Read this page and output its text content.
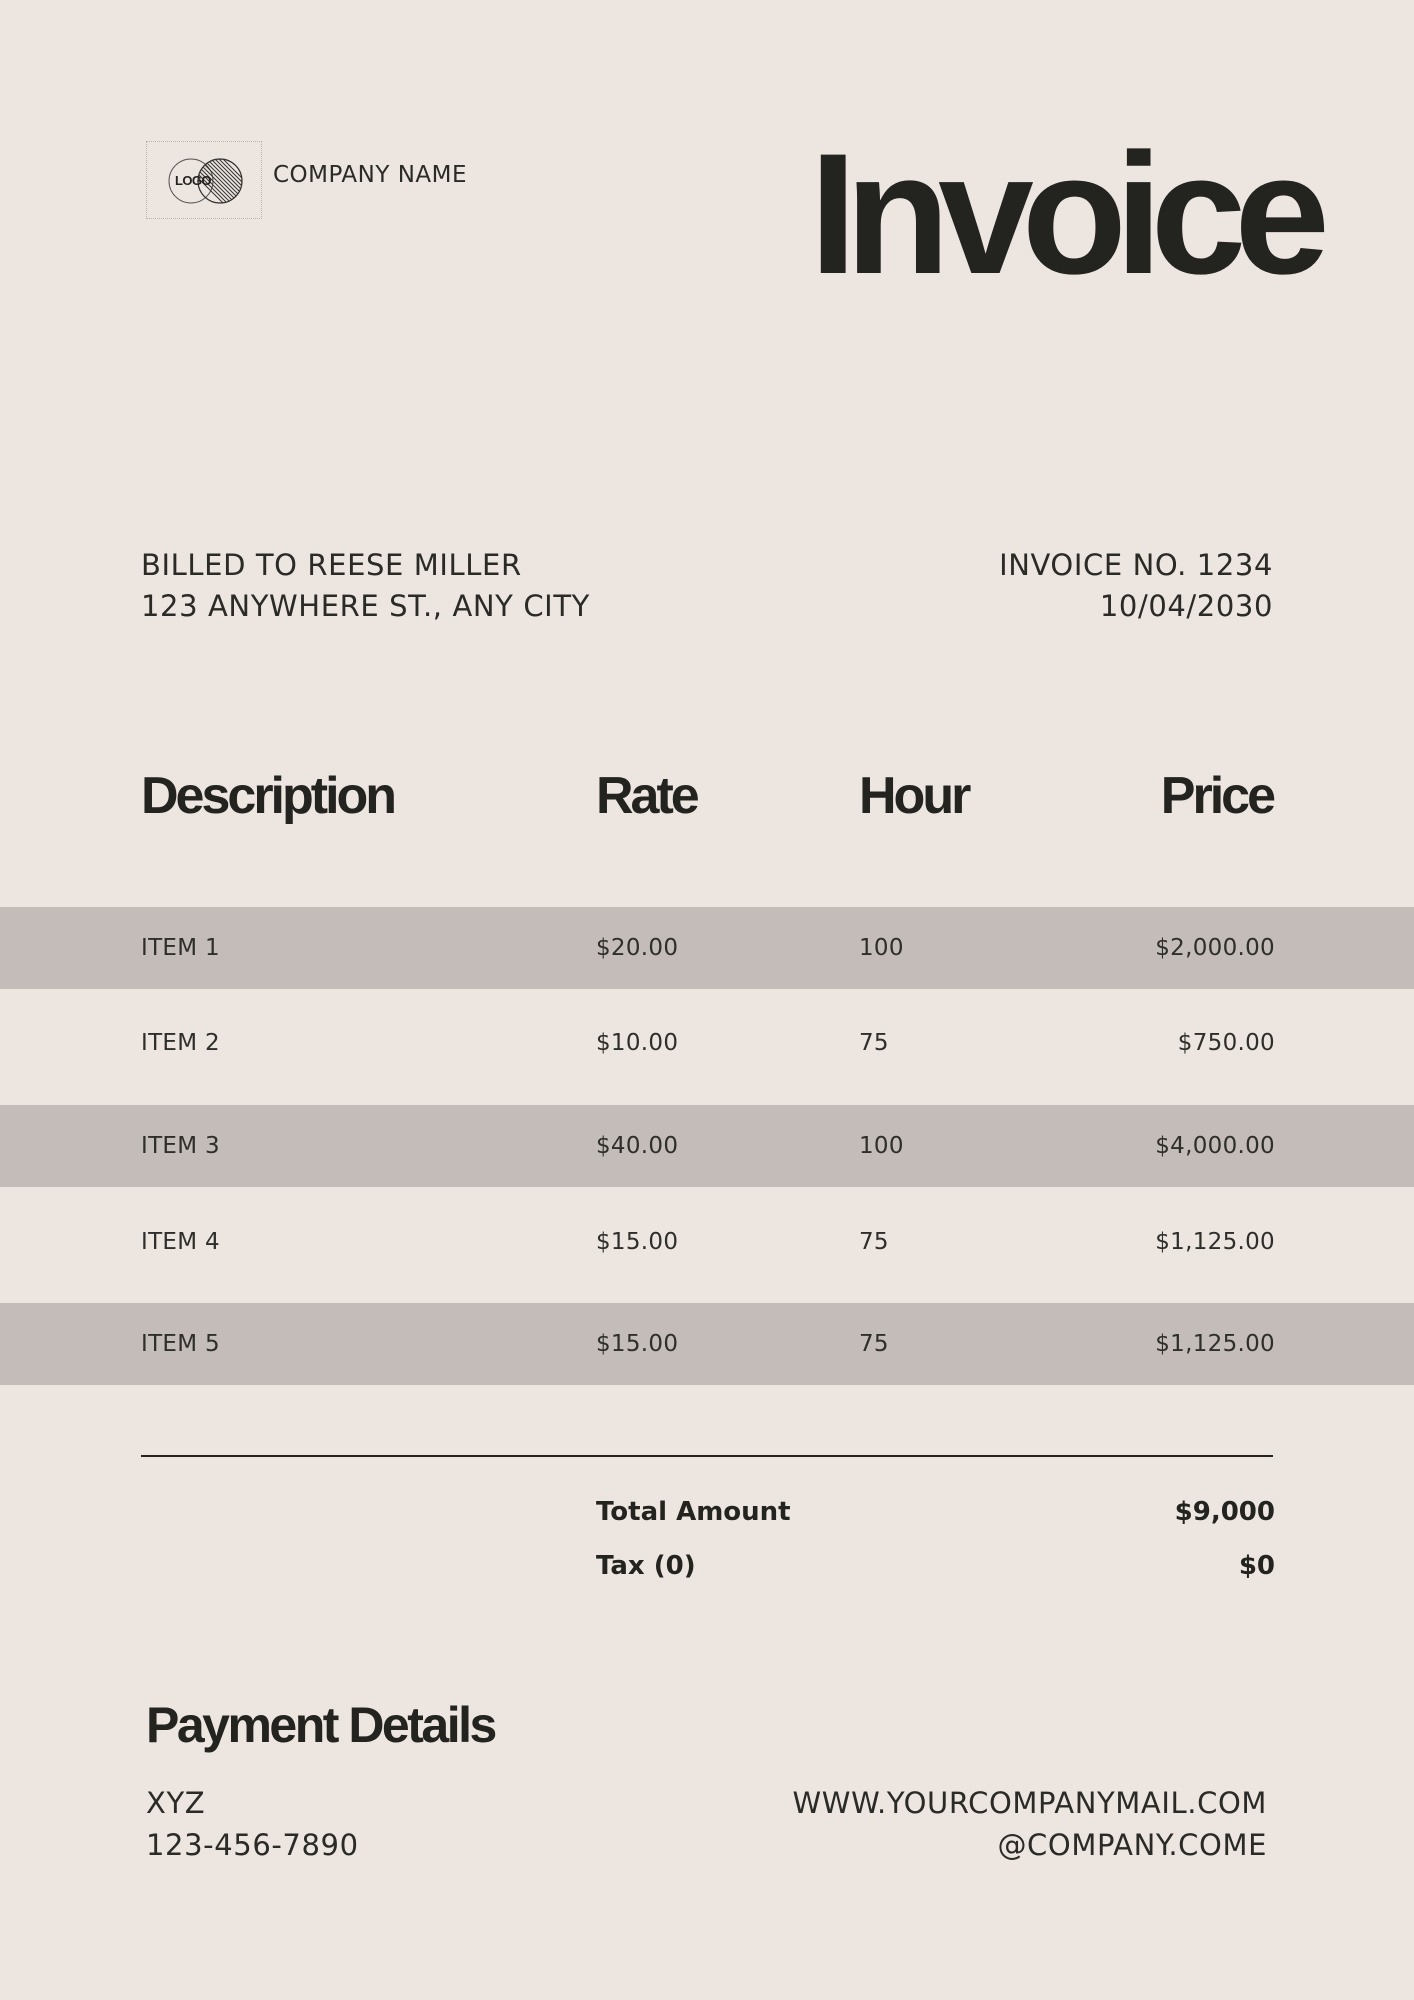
LOGO	COMPANY NAME Invoice
BILLED TO REESE MILLER
123 ANYWHERE ST., ANY CITY
INVOICE NO. 1234
10/04/2030
Description	Rate	Hour	Price
ITEM 1	$20.00	100	$2,000.00
ITEM 2	$10.00	75	$750.00
ITEM 3	$40.00	100	$4,000.00
ITEM 4	$15.00	75	$1,125.00
ITEM 5	$15.00	75	$1,125.00
Total Amount	$9,000
Tax (0)	$0
Payment Details
XYZ
123-456-7890
WWW.YOURCOMPANYMAIL.COM
@COMPANY.COME
